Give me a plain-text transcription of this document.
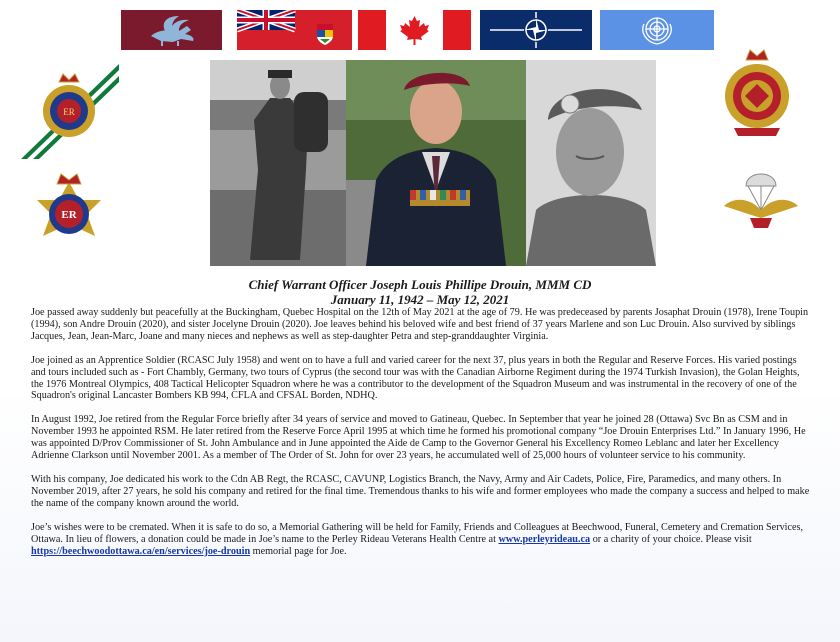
ER
ER
Chief Warrant Officer Joseph Louis Phillipe Drouin, MMM CD
January 11, 1942 – May 12, 2021

Joe passed away suddenly but peacefully at the Buckingham, Quebec Hospital on the 12th of May 2021 at the age of 79. He was predeceased by parents Josaphat Drouin (1978), Irene Toupin (1994), son Andre Drouin (2020), and sister Jocelyne Drouin (2020). Joe leaves behind his beloved wife and best friend of 37 years Marlene and son Luc Drouin. Also survived by siblings Jacques, Jean, Jean-Marc, Joane and many nieces and nephews as well as step-daughter Petra and step-granddaughter Virginia.

Joe joined as an Apprentice Soldier (RCASC July 1958) and went on to have a full and varied career for the next 37, plus years in both the Regular and Reserve Forces. His varied postings and tours included such as - Fort Chambly, Germany, two tours of Cyprus (the second tour was with the Canadian Airborne Regiment during the 1974 Turkish Invasion), the Golan Heights, the 1976 Montreal Olympics, 408 Tactical Helicopter Squadron where he was a contributor to the development of the Squadron Museum and was instrumental in the recovery of one of the Squadron's original Lancaster Bombers KB 994, CFLA and CFSAL Borden, NDHQ.

In August 1992, Joe retired from the Regular Force briefly after 34 years of service and moved to Gatineau, Quebec. In September that year he joined 28 (Ottawa) Svc Bn as CSM and in November 1993 he appointed RSM. He later retired from the Reserve Force April 1995 at which time he formed his promotional company “Joe Drouin Enterprises Ltd.” In January 1996, He was appointed D/Prov Commissioner of St. John Ambulance and in June appointed the Aide de Camp to the Governor General his Excellency Romeo Leblanc and later her Excellency Adrienne Clarkson until November 2001. As a member of The Order of St. John for over 23 years, he accumulated well of 25,000 hours of volunteer service to his community.

With his company, Joe dedicated his work to the Cdn AB Regt, the RCASC, CAVUNP, Logistics Branch, the Navy, Army and Air Cadets, Police, Fire, Paramedics, and many others. In November 2019, after 27 years, he sold his company and retired for the final time. Tremendous thanks to his wife and former employees who made the company a success and helped to make the name of the company known around the world.

Joe’s wishes were to be cremated. When it is safe to do so, a Memorial Gathering will be held for Family, Friends and Colleagues at Beechwood, Funeral, Cemetery and Cremation Services, Ottawa. In lieu of flowers, a donation could be made in Joe’s name to the Perley Rideau Veterans Health Centre at www.perleyrideau.ca or a charity of your choice. Please visit https://beechwoodottawa.ca/en/services/joe-drouin memorial page for Joe.
